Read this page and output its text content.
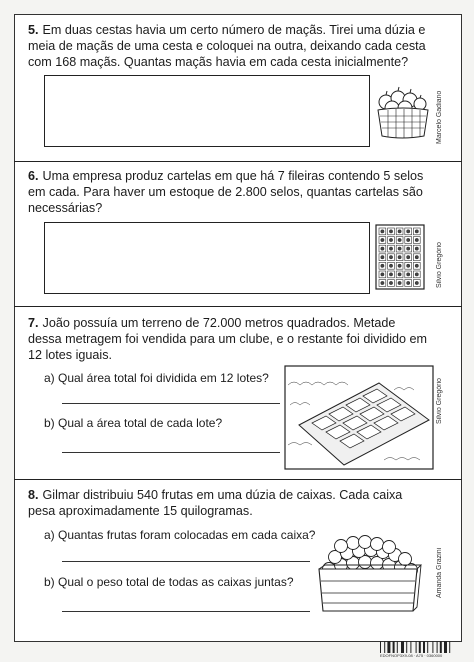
5. Em duas cestas havia um certo número de maçãs. Tirei uma dúzia e meia de maçãs de uma cesta e coloquei na outra, deixando cada cesta com 168 maçãs. Quantas maçãs havia em cada cesta inicialmente?
Marcelo Gadiano
6. Uma empresa produz cartelas em que há 7 fileiras contendo 5 selos em cada. Para haver um estoque de 2.800 selos, quantas cartelas são necessárias?
Silvio Gregório
7. João possuía um terreno de 72.000 metros quadrados. Metade dessa metragem foi vendida para um clube, e o restante foi dividido em 12 lotes iguais.
a) Qual área total foi dividida em 12 lotes?
b) Qual a área total de cada lote?	Silvio Gregório
8. Gilmar distribuiu 540 frutas em uma dúzia de caixas. Cada caixa pesa aproximadamente 15 quilogramas.
a) Quantas frutas foram colocadas em cada caixa?
b) Qual o peso total de todas as caixas juntas?	Amanda Grazini
EDOFNOP3X9-08 · A75 · 0360000
